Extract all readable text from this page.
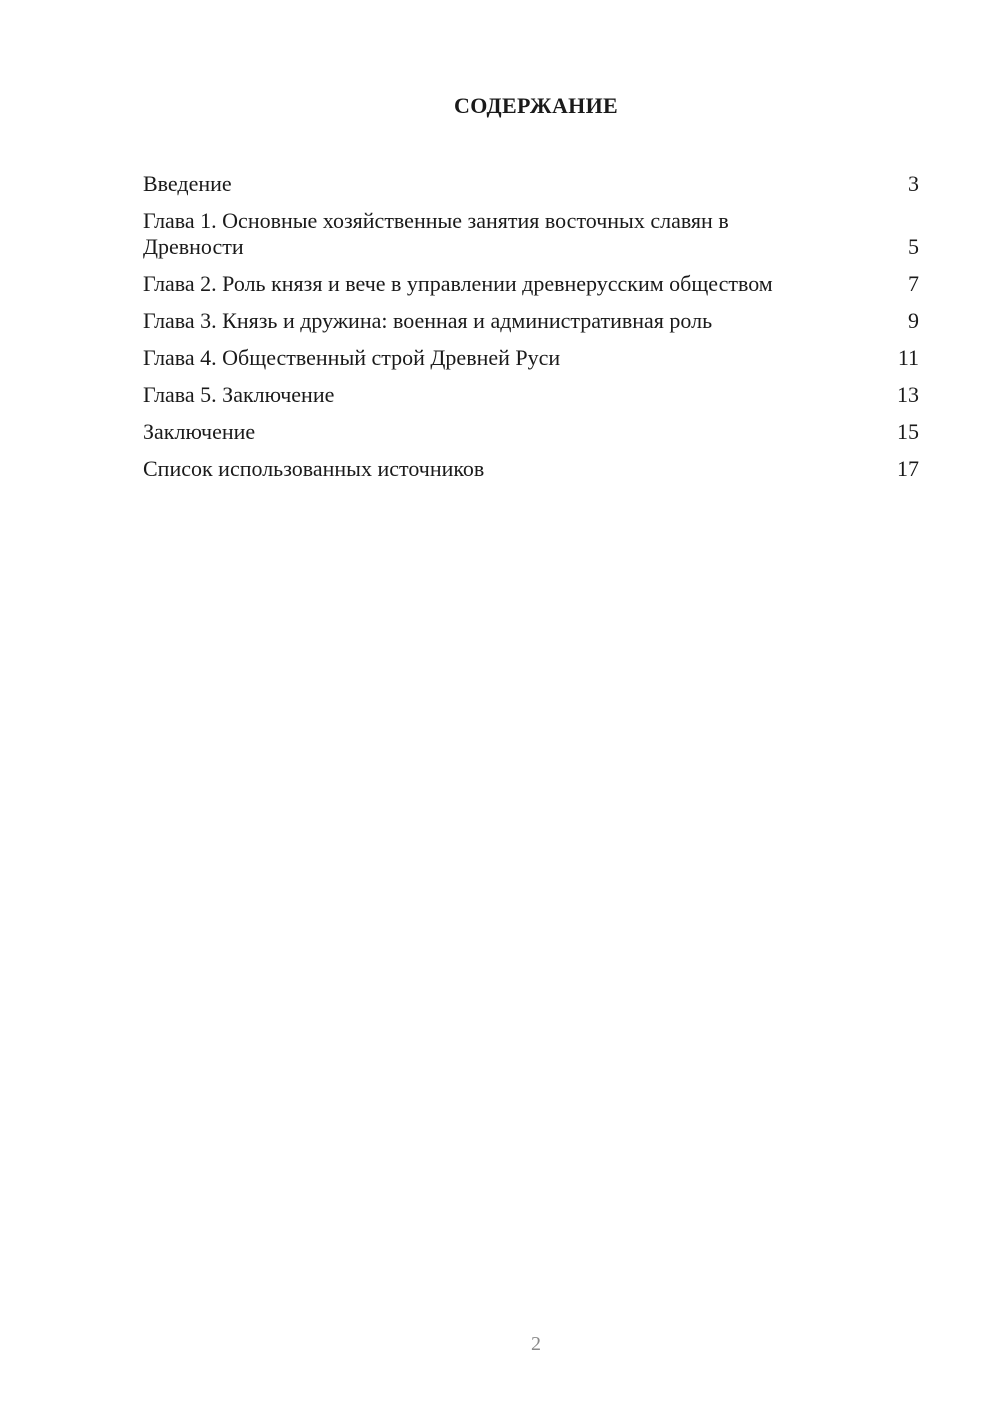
СОДЕРЖАНИЕ
Введение	3
Глава 1. Основные хозяйственные занятия восточных славян в Древности	5
Глава 2. Роль князя и вече в управлении древнерусским обществом	7
Глава 3. Князь и дружина: военная и административная роль	9
Глава 4. Общественный строй Древней Руси	11
Глава 5. Заключение	13
Заключение	15
Список использованных источников	17
2
